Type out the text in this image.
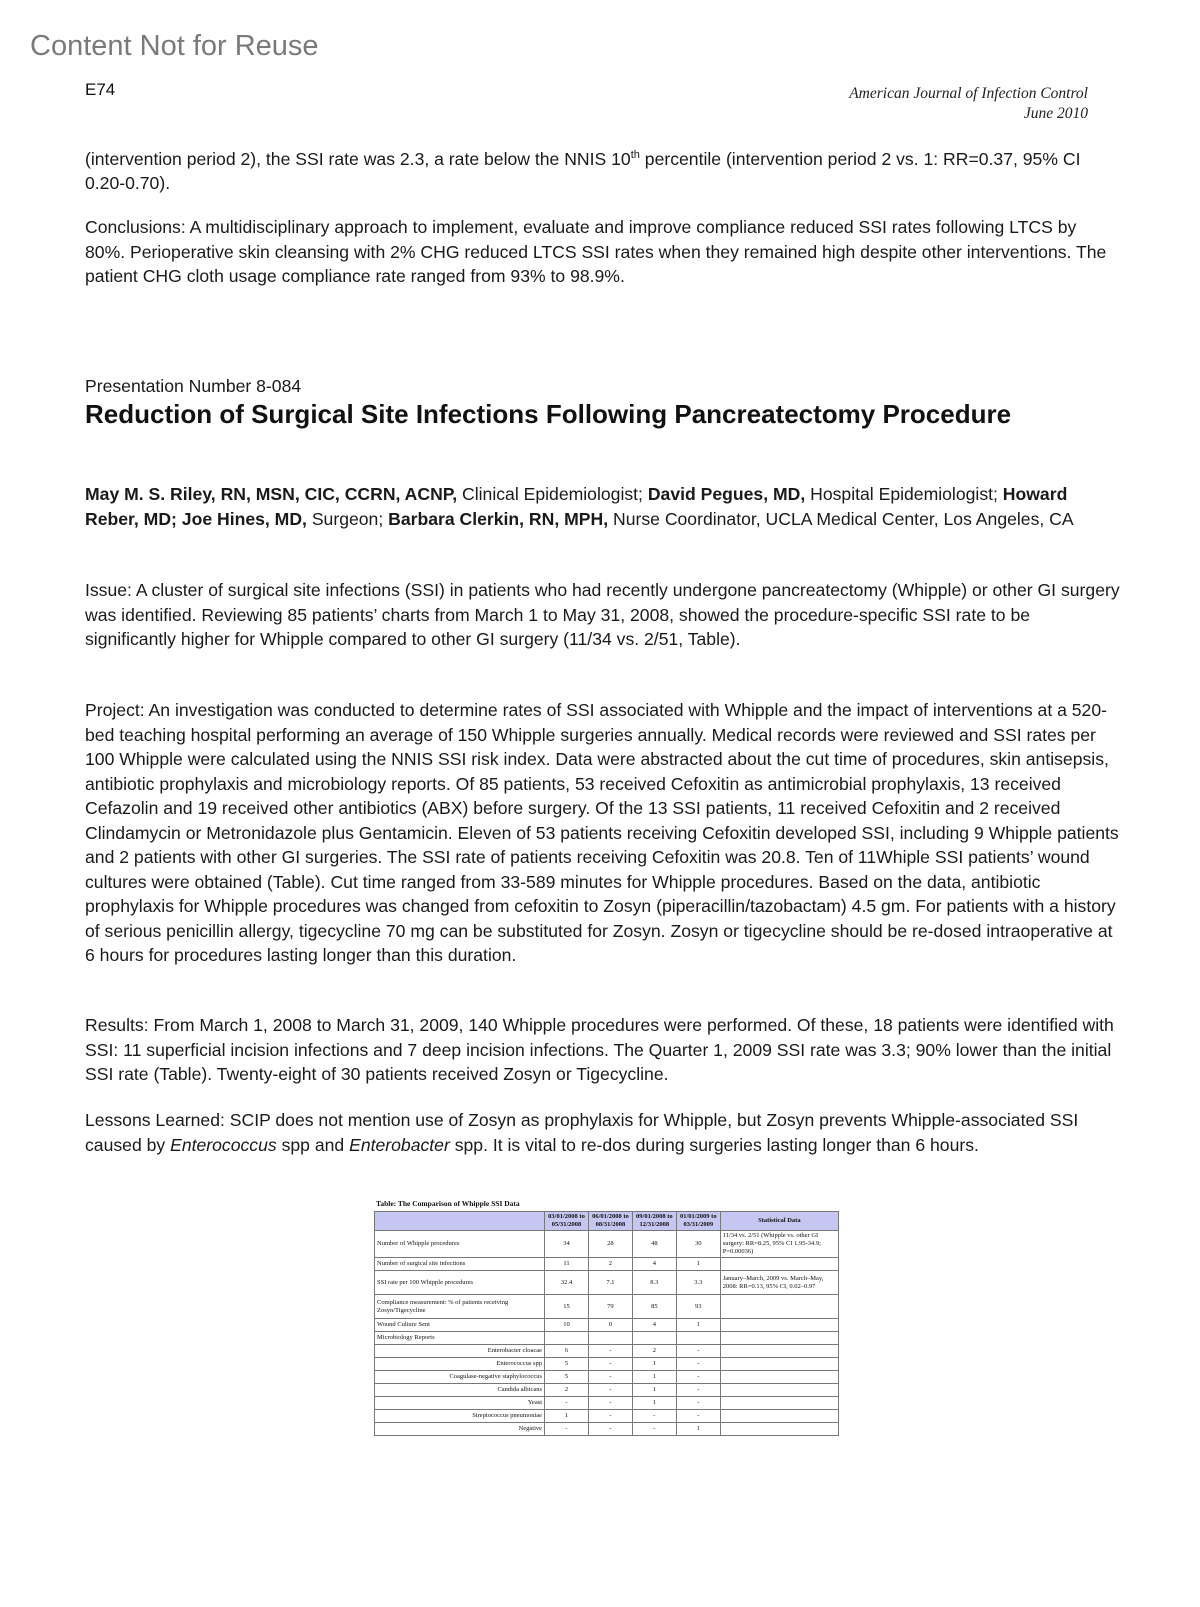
Content Not for Reuse
E74	American Journal of Infection Control
June 2010

(intervention period 2), the SSI rate was 2.3, a rate below the NNIS 10th percentile (intervention period 2 vs. 1: RR=0.37, 95% CI 0.20-0.70).

Conclusions: A multidisciplinary approach to implement, evaluate and improve compliance reduced SSI rates following LTCS by 80%. Perioperative skin cleansing with 2% CHG reduced LTCS SSI rates when they remained high despite other interventions. The patient CHG cloth usage compliance rate ranged from 93% to 98.9%.

Presentation Number 8-084
Reduction of Surgical Site Infections Following Pancreatectomy Procedure

May M. S. Riley, RN, MSN, CIC, CCRN, ACNP, Clinical Epidemiologist; David Pegues, MD, Hospital Epidemiologist; Howard Reber, MD; Joe Hines, MD, Surgeon; Barbara Clerkin, RN, MPH, Nurse Coordinator, UCLA Medical Center, Los Angeles, CA

Issue: A cluster of surgical site infections (SSI) in patients who had recently undergone pancreatectomy (Whipple) or other GI surgery was identified. Reviewing 85 patients’ charts from March 1 to May 31, 2008, showed the procedure-specific SSI rate to be significantly higher for Whipple compared to other GI surgery (11/34 vs. 2/51, Table).

Project: An investigation was conducted to determine rates of SSI associated with Whipple and the impact of interventions at a 520-bed teaching hospital performing an average of 150 Whipple surgeries annually. Medical records were reviewed and SSI rates per 100 Whipple were calculated using the NNIS SSI risk index. Data were abstracted about the cut time of procedures, skin antisepsis, antibiotic prophylaxis and microbiology reports. Of 85 patients, 53 received Cefoxitin as antimicrobial prophylaxis, 13 received Cefazolin and 19 received other antibiotics (ABX) before surgery. Of the 13 SSI patients, 11 received Cefoxitin and 2 received Clindamycin or Metronidazole plus Gentamicin. Eleven of 53 patients receiving Cefoxitin developed SSI, including 9 Whipple patients and 2 patients with other GI surgeries. The SSI rate of patients receiving Cefoxitin was 20.8. Ten of 11Whiple SSI patients’ wound cultures were obtained (Table). Cut time ranged from 33-589 minutes for Whipple procedures. Based on the data, antibiotic prophylaxis for Whipple procedures was changed from cefoxitin to Zosyn (piperacillin/tazobactam) 4.5 gm. For patients with a history of serious penicillin allergy, tigecycline 70 mg can be substituted for Zosyn. Zosyn or tigecycline should be re-dosed intraoperative at 6 hours for procedures lasting longer than this duration.

Results: From March 1, 2008 to March 31, 2009, 140 Whipple procedures were performed. Of these, 18 patients were identified with SSI: 11 superficial incision infections and 7 deep incision infections. The Quarter 1, 2009 SSI rate was 3.3; 90% lower than the initial SSI rate (Table). Twenty-eight of 30 patients received Zosyn or Tigecycline.

Lessons Learned: SCIP does not mention use of Zosyn as prophylaxis for Whipple, but Zosyn prevents Whipple-associated SSI caused by Enterococcus spp and Enterobacter spp. It is vital to re-dos during surgeries lasting longer than 6 hours.

Table: The Comparison of Whipple SSI Data
	03/01/2008 to 05/31/2008	06/01/2008 to 08/31/2008	09/01/2008 to 12/31/2008	01/01/2009 to 03/31/2009	Statistical Data
Number of Whipple procedures	34	28	48	30	11/34 vs. 2/51 (Whipple vs. other GI surgery: RR=8.25, 95% CI 1.95-34.9; P=0.00036)
Number of surgical site infections	11	2	4	1	
SSI rate per 100 Whipple procedures	32.4	7.1	8.3	3.3	January–March, 2009 vs. March–May, 2008: RR=0.13, 95% CI, 0.02–0.97
Compliance measurement: % of patients receiving Zosyn/Tigecycline	15	79	85	93	
Wound Culture Sent	10	0	4	1	
Microbiology Reports					
Enterobacter cloacae	6	-	2	-	
Enterococcus spp	5	-	1	-	
Coagulase-negative staphylococcus	5	-	1	-	
Candida albicans	2	-	1	-	
Yeast	-	-	1	-	
Streptococcus pneumoniae	1	-	-	-	
Negative	-	-	-	1	
